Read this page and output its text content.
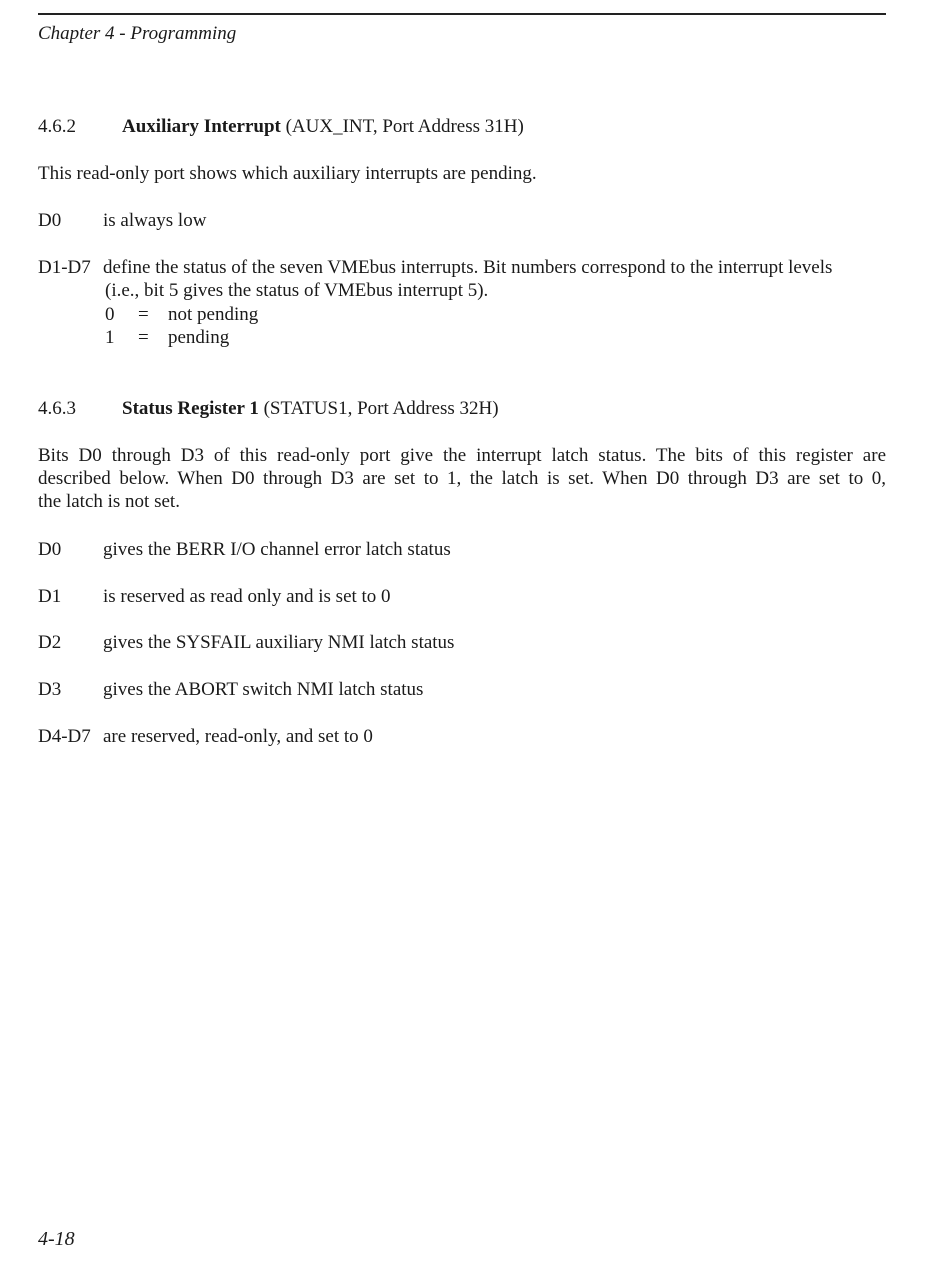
Chapter 4 - Programming
4.6.2 Auxiliary Interrupt (AUX_INT, Port Address 31H)
This read-only port shows which auxiliary interrupts are pending.
D0 is always low
D1-D7 define the status of the seven VMEbus interrupts. Bit numbers correspond to the interrupt levels
(i.e., bit 5 gives the status of VMEbus interrupt 5).
0 = not pending
1 = pending
4.6.3 Status Register 1 (STATUS1, Port Address 32H)
Bits D0 through D3 of this read-only port give the interrupt latch status. The bits of this register are
described below. When D0 through D3 are set to 1, the latch is set. When D0 through D3 are set to 0,
the latch is not set.
D0 gives the BERR I/O channel error latch status
D1 is reserved as read only and is set to 0
D2 gives the SYSFAIL auxiliary NMI latch status
D3 gives the ABORT switch NMI latch status
D4-D7 are reserved, read-only, and set to 0
4-18
